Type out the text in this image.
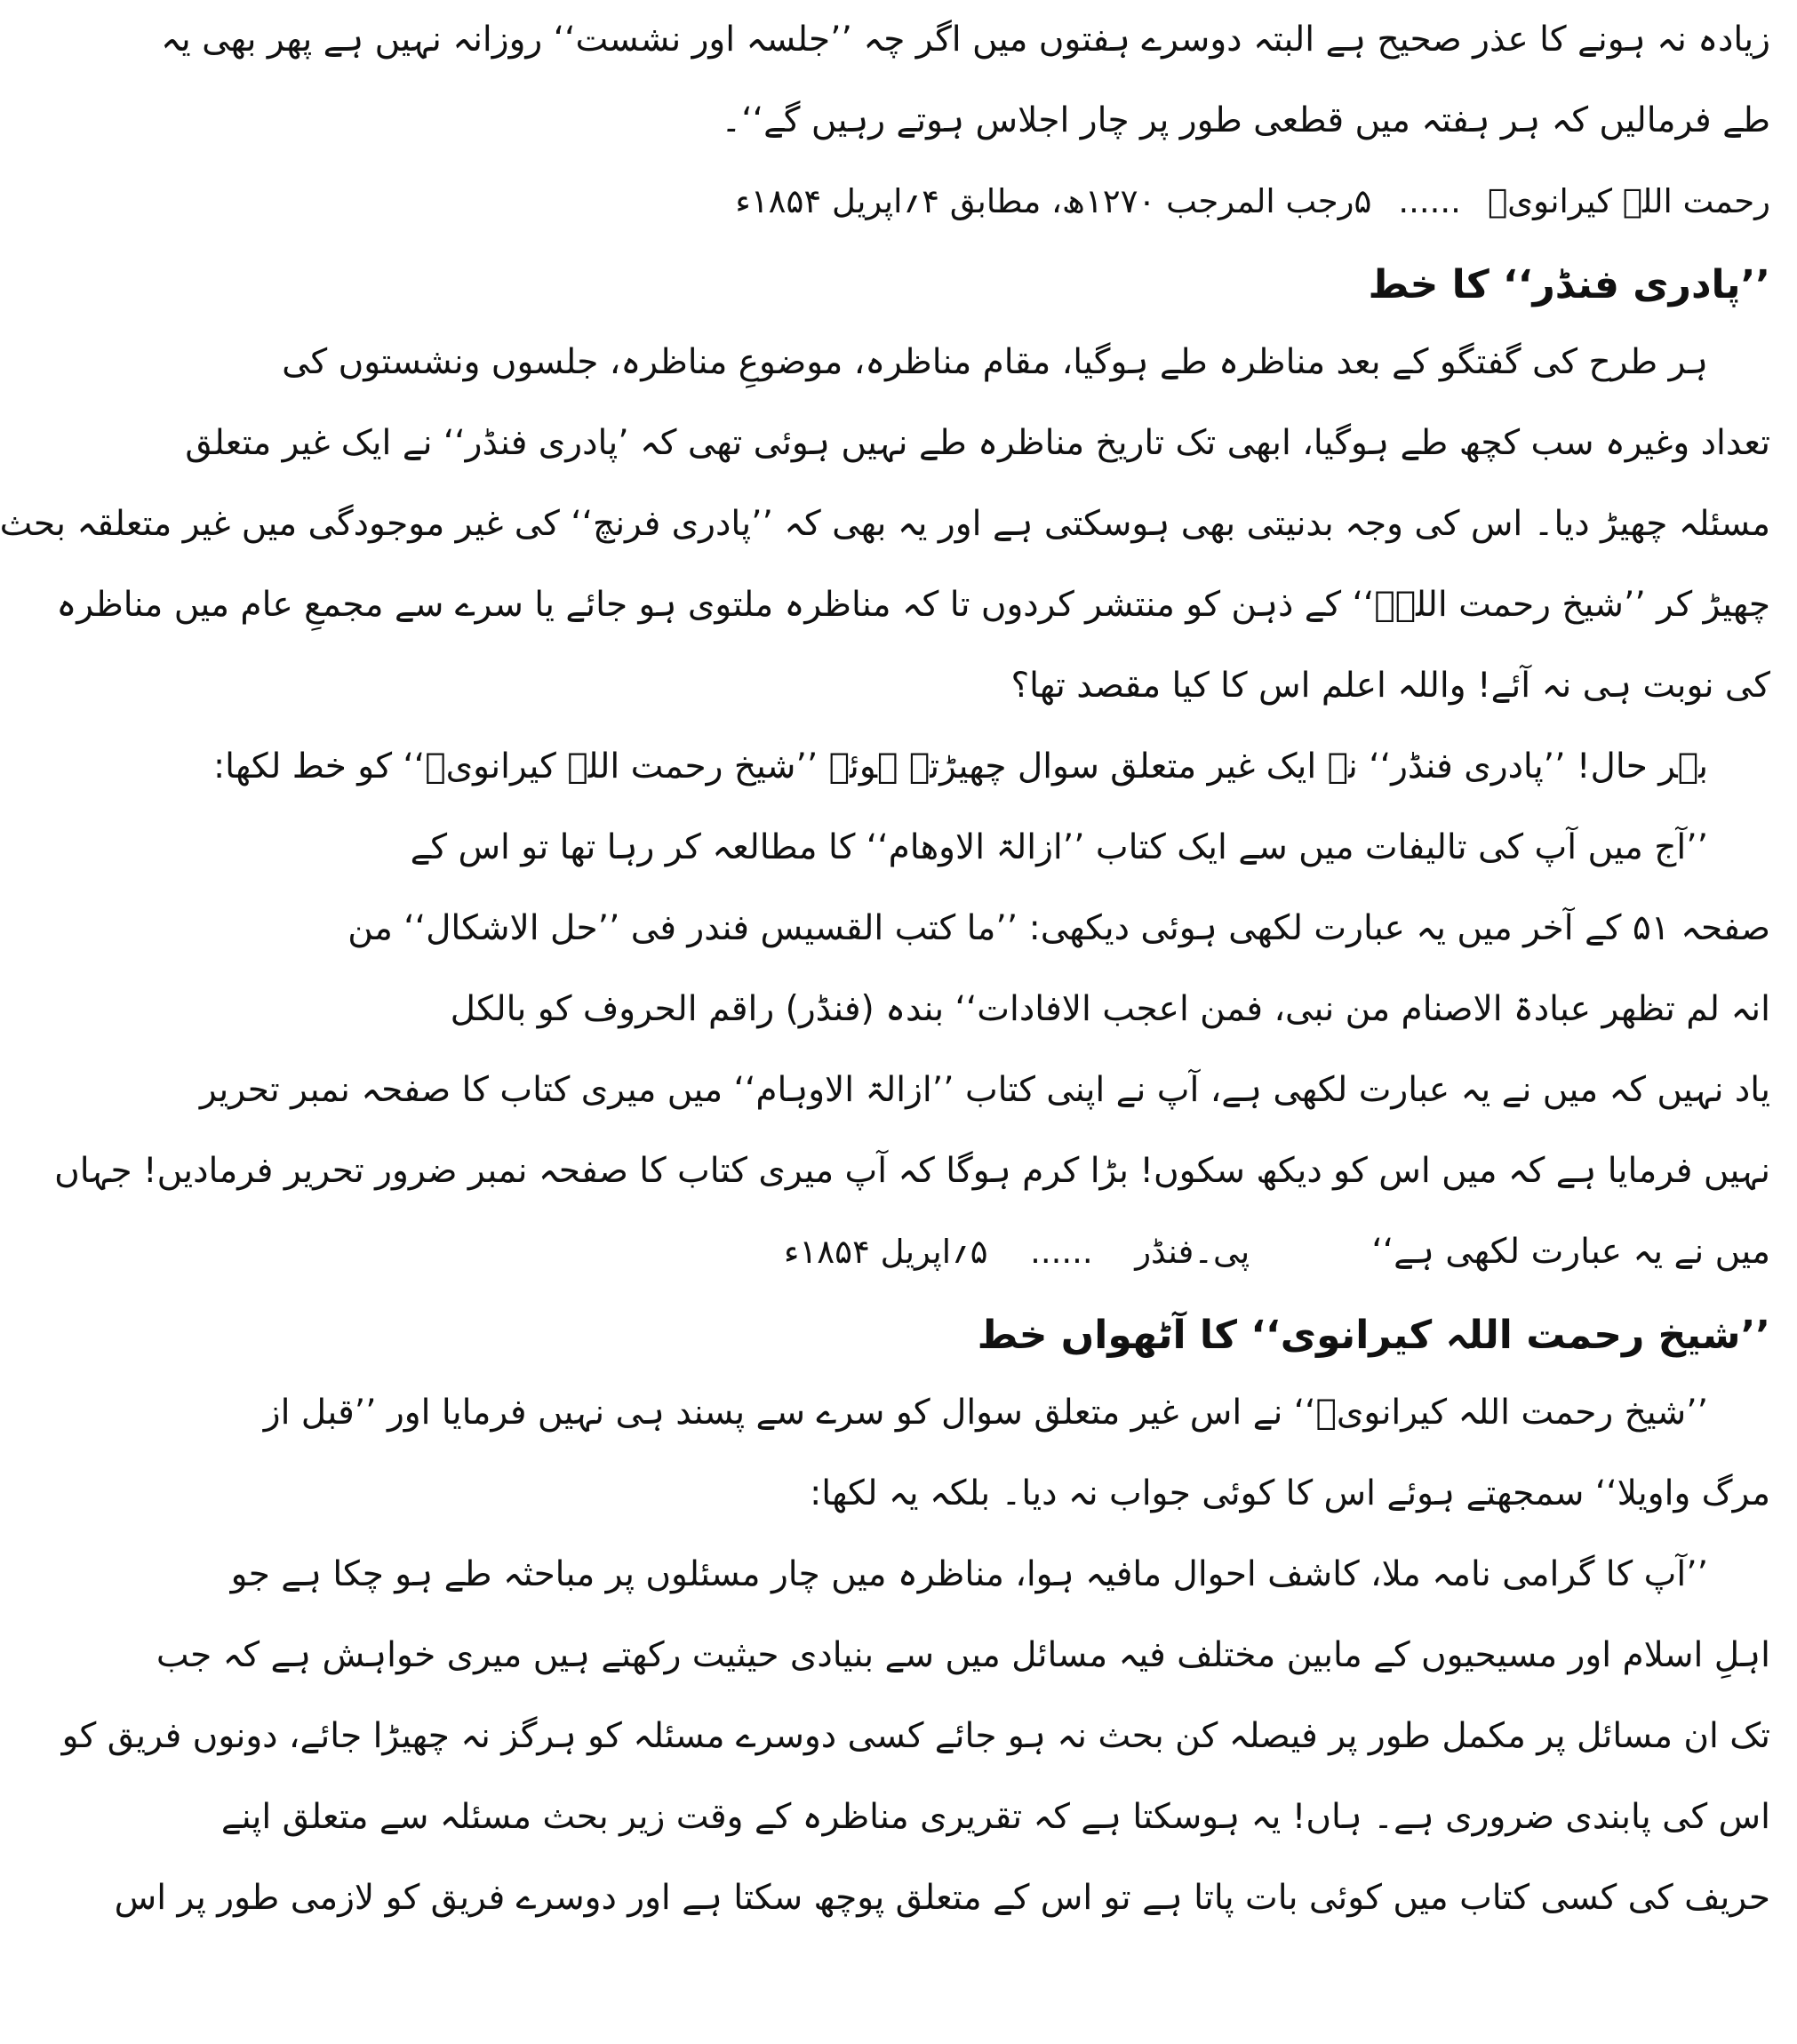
زیادہ نہ ہونے کا عذر صحیح ہے البتہ دوسرے ہفتوں میں اگر چہ ’’جلسہ اور نشست‘‘ روزانہ نہیں ہے پھر بھی یہ
طے فرمالیں کہ ہر ہفتہ میں قطعی طور پر چار اجلاس ہوتے رہیں گے‘‘۔
رحمت اللہ کیرانویؒ
......
۵رجب المرجب ۱۲۷۰ھ، مطابق ۴؍اپریل ۱۸۵۴ء
’’پادری فنڈر‘‘ کا خط
ہر طرح کی گفتگو کے بعد مناظرہ طے ہوگیا، مقام مناظرہ، موضوعِ مناظرہ، جلسوں ونشستوں کی
تعداد وغیرہ سب کچھ طے ہوگیا، ابھی تک تاریخ مناظرہ طے نہیں ہوئی تھی کہ ’پادری فنڈر‘‘ نے ایک غیر متعلق
مسئلہ چھیڑ دیا۔ اس کی وجہ بدنیتی بھی ہوسکتی ہے اور یہ بھی کہ ’’پادری فرنچ‘‘ کی غیر موجودگی میں غیر متعلقہ بحث
چھیڑ کر ’’شیخ رحمت اللہؒ‘‘ کے ذہن کو منتشر کردوں تا کہ مناظرہ ملتوی ہو جائے یا سرے سے مجمعِ عام میں مناظرہ
کی نوبت ہی نہ آئے! واللہ اعلم اس کا کیا مقصد تھا؟
بہر حال! ’’پادری فنڈر‘‘ نے ایک غیر متعلق سوال چھیڑتے ہوئے ’’شیخ رحمت اللہ کیرانویؒ‘‘ کو خط لکھا:
’’آج میں آپ کی تالیفات میں سے ایک کتاب ’’ازالۃ الاوھام‘‘ کا مطالعہ کر رہا تھا تو اس کے
صفحہ ۵۱ کے آخر میں یہ عبارت لکھی ہوئی دیکھی: ’’ما کتب القسیس فندر فی ’’حل الاشکال‘‘ من
انہ لم تظھر عبادۃ الاصنام من نبی، فمن اعجب الافادات‘‘ بندہ (فنڈر) راقم الحروف کو بالکل
یاد نہیں کہ میں نے یہ عبارت لکھی ہے، آپ نے اپنی کتاب ’’ازالۃ الاوہام‘‘ میں میری کتاب کا صفحہ نمبر تحریر
نہیں فرمایا ہے کہ میں اس کو دیکھ سکوں! بڑا کرم ہوگا کہ آپ میری کتاب کا صفحہ نمبر ضرور تحریر فرمادیں! جہاں
میں نے یہ عبارت لکھی ہے‘‘
پی۔فنڈر  ......  ۵؍اپریل ۱۸۵۴ء
’’شیخ رحمت اللہ کیرانوی‘‘ کا آٹھواں خط
’’شیخ رحمت اللہ کیرانویؒ‘‘ نے اس غیر متعلق سوال کو سرے سے پسند ہی نہیں فرمایا اور ’’قبل از
مرگ واویلا‘‘ سمجھتے ہوئے اس کا کوئی جواب نہ دیا۔ بلکہ یہ لکھا:
’’آپ کا گرامی نامہ ملا، کاشف احوال مافیہ ہوا، مناظرہ میں چار مسئلوں پر مباحثہ طے ہو چکا ہے جو
اہلِ اسلام اور مسیحیوں کے مابین مختلف فیہ مسائل میں سے بنیادی حیثیت رکھتے ہیں میری خواہش ہے کہ جب
تک ان مسائل پر مکمل طور پر فیصلہ کن بحث نہ ہو جائے کسی دوسرے مسئلہ کو ہرگز نہ چھیڑا جائے، دونوں فریق کو
اس کی پابندی ضروری ہے۔ ہاں! یہ ہوسکتا ہے کہ تقریری مناظرہ کے وقت زیر بحث مسئلہ سے متعلق اپنے
حریف کی کسی کتاب میں کوئی بات پاتا ہے تو اس کے متعلق پوچھ سکتا ہے اور دوسرے فریق کو لازمی طور پر اس
